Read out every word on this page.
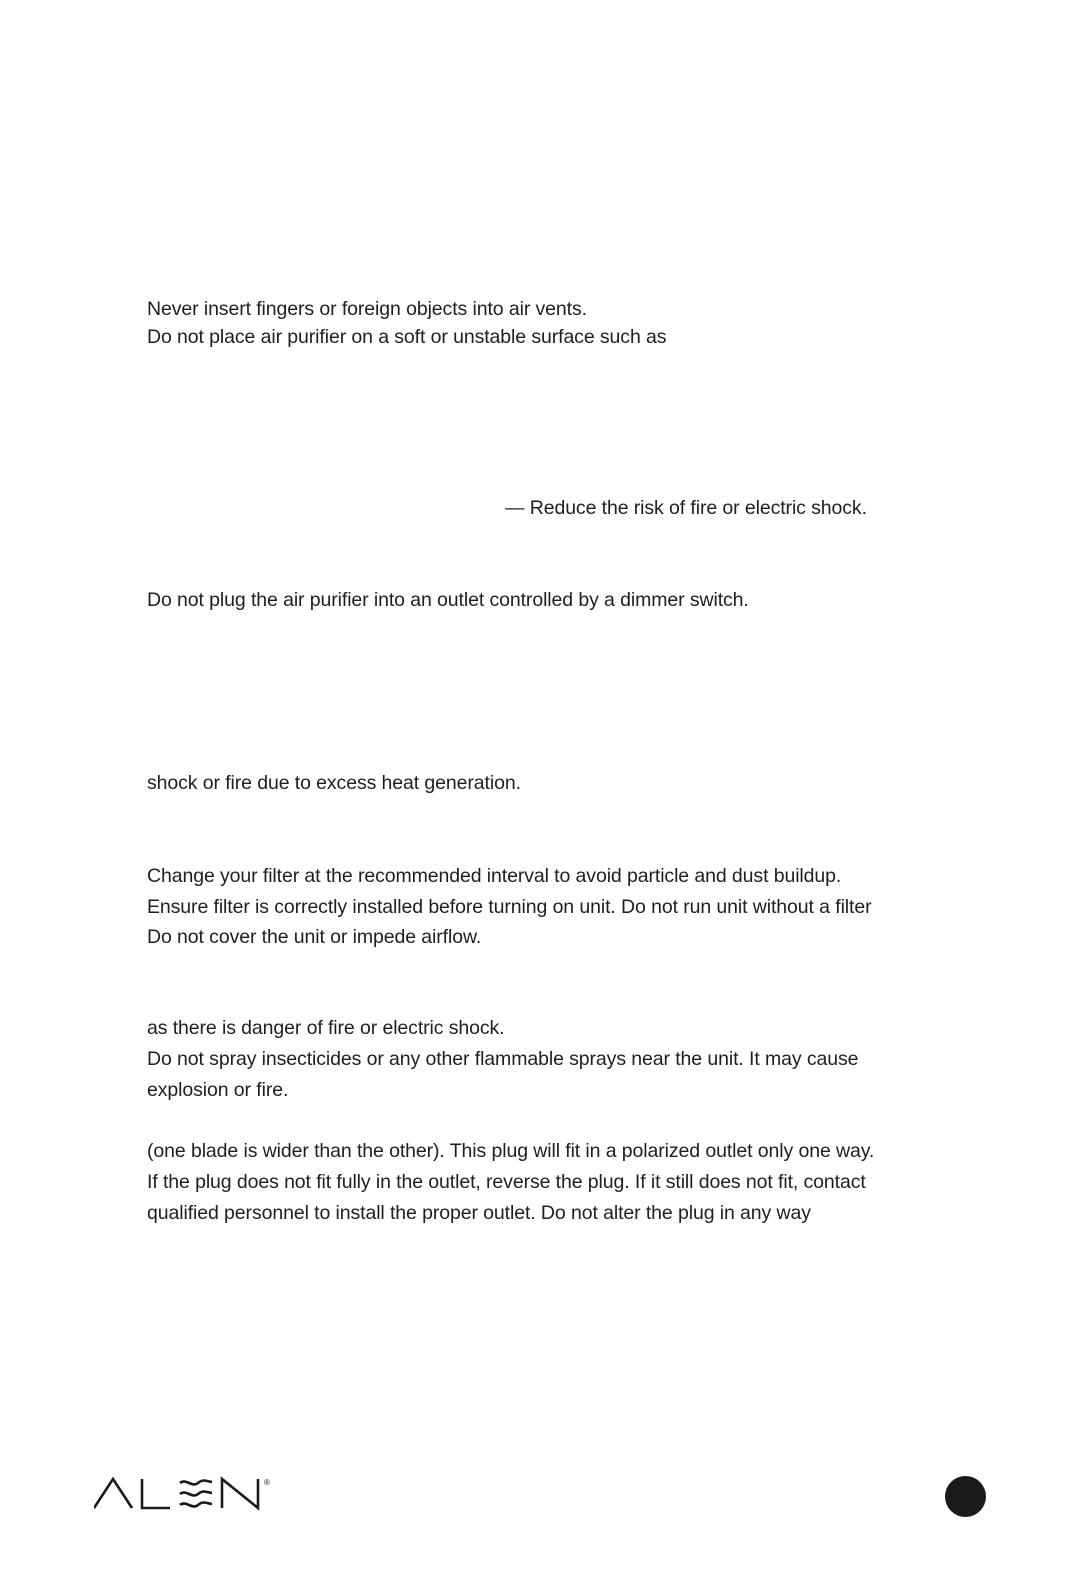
Never insert fingers or foreign objects into air vents.
Do not place air purifier on a soft or unstable surface such as
— Reduce the risk of fire or electric shock.
Do not plug the air purifier into an outlet controlled by a dimmer switch.
shock or fire due to excess heat generation.
Change your filter at the recommended interval to avoid particle and dust buildup.
Ensure filter is correctly installed before turning on unit. Do not run unit without a filter
Do not cover the unit or impede airflow.
as there is danger of fire or electric shock.
Do not spray insecticides or any other flammable sprays near the unit. It may cause
explosion or fire.
(one blade is wider than the other). This plug will fit in a polarized outlet only one way.
If the plug does not fit fully in the outlet, reverse the plug. If it still does not fit, contact
qualified personnel to install the proper outlet. Do not alter the plug in any way
®
